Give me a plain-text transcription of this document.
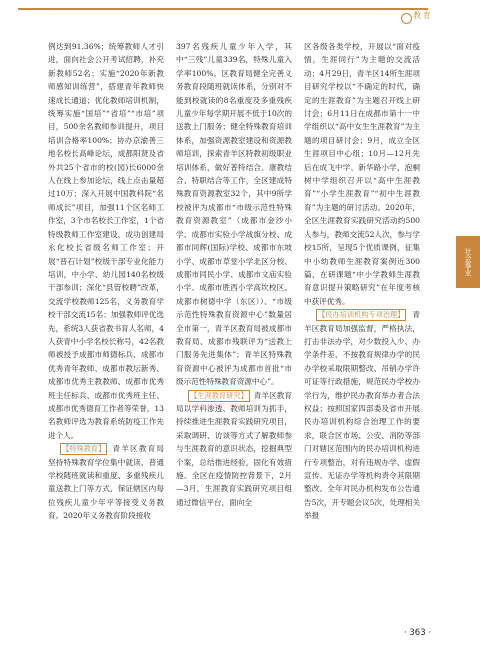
教育
社会事业

例达到91.36%；统筹教师人才引进，面向社会公开考试招聘，补充新教师52名；实施“2020年新教师感知训练营”，搭建青年教师快速成长通道；优化教师培训机制，统筹实施“国培”“省培”“市培”项目，500余名教师参训提升，项目培训合格率100%；协办京渝善三地名校长高峰论坛，成都阳贤及省外共25个省市的校(园)长6000余人在线上参加论坛，线上点击量超过10万；深入开展中国教科院“名师成长”项目，加强11个区名师工作室，3个市名校长工作室，1个省特级教师工作室建设，成功创建局永化校长省级名师工作室；开展“普石计划”校级干部专业化能力培训，中小学、幼儿园140名校级干部参训；深化“县管校聘”改革，交流学校教师125名，义务教育学校干部交流15名；加强教师评优选先，系统3人获省教书育人名师，4人获青中小学名校长称号，42名教师被授予成都市师德标兵、成都市优秀青年教师、成都市教坛新秀、成都市优秀主教教师、成都市优秀班主任标兵、成都市优秀班主任、成都市优秀德育工作者等荣誉，13名教师评选为教育系统防疫工作先进个人。

【特殊教育】 青羊区教育局坚持特殊教育学位集中就读、普通学校随班就读和重度、多重残疾儿童送教上门等方式，保证辖区内每位残疾儿童少年平等接受义务教育。2020年义务教育阶段接收

397名残疾儿童少年入学，其中“三残”儿童339名，特殊儿童入学率100%。区教育局健全完善义务教育段随班就读体系，分别对不能到校就读的8名重度及多重残疾儿童少年每学期开展不低于10次的送教上门服务；健全特殊教育培训体系，加强资源教室建设和资源教师培训，探索青羊区特教初级职业培训体系，做好普特结合、康教结合、特职结合等工作，全区建成特殊教育资源教室32个，其中9所学校被评为成都市“市级示范性特殊教育资源教室”（成都市金沙小学、成都市实验小学战旗分校、成都市同辉(国际)学校、成都市东坡小学、成都市草堂小学北区分校、成都市同民小学、成都市文庙实验小学、成都市胜西小学高坎校区、成都市树德中学（东区））、“市级示范性特殊教育资源中心”数量居全市第一，青羊区教育局被成都市教育局、成都市残联评为“送教上门服务先进集体”；青羊区特殊教育资源中心被评为成都市首批“市级示范性特殊教育资源中心”。

【生涯教育研究】 青羊区教育局以学科渗透、教师培训为抓手，持续推进生涯教育实践研究项目，采取调研、访谈等方式了解教师参与生涯教育的意识状态，挖掘典型个案，总结推进经验，固化有效措施。全区在疫情防控背景下，2月—3月，生涯教育实践研究项目组通过微信平台，面向全

区各级各类学校，开展以“面对疫情，生涯同行”为主题的交流活动；4月29日，青羊区14所生涯项目研究学校以“不确定的时代，确定的生涯教育”为主题召开线上研讨会；6月11日在成都市第十一中学组织以“高中女生生涯教育”为主题的项目研讨会；9月，成立全区生涯项目中心组；10月—12月先后在成飞中学、新华路小学、泡桐树中学组织召开以“高中生涯教育”“小学生涯教育”“初中生涯教育”为主题的研讨活动。2020年，全区生涯教育实践研究活动约500人参与，教师交流52人次，参与学校15所，呈现5个优质课例，征集中小幼教师生涯教育案例近300篇，在研课题“中小学教师生涯教育意识提升策略研究”在年度考核中获评优秀。

【民办培训机构专项治理】 青羊区教育局加强监督，严格执法，打击非法办学，对少数投入少、办学条件差，不按教育规律办学的民办学校采取限期整改、吊销办学许可证等行政措施，规范民办学校办学行为，维护民办教育举办者合法权益；按照国家四部委及省市开展民办培训机构综合治理工作的要求，联合区市场、公安、消防等部门对辖区范围内的民办培训机构进行专项整治，对有违规办学、虚假宣传、无证办学等机构责令其限期整改。全年对民办机构发布公告通告5次，开专题会议5次，处理相关举报

· 363 ·
